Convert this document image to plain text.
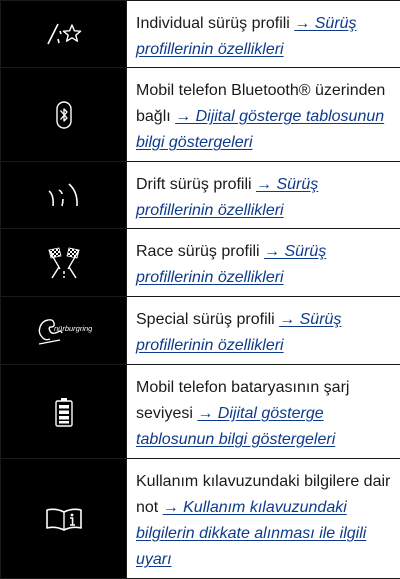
Individual sürüş profili → Sürüş profillerinin özellikleri
Mobil telefon Bluetooth® üzerinden bağlı → Dijital gösterge tablosunun bilgi göstergeleri
Drift sürüş profili → Sürüş profillerinin özellikleri
Race sürüş profili → Sürüş profillerinin özellikleri
nürburgring	Special sürüş profili → Sürüş profillerinin özellikleri
Mobil telefon bataryasının şarj seviyesi → Dijital gösterge tablosunun bilgi göstergeleri
Kullanım kılavuzundaki bilgilere dair not → Kullanım kılavuzundaki bilgilerin dikkate alınması ile ilgili uyarı
